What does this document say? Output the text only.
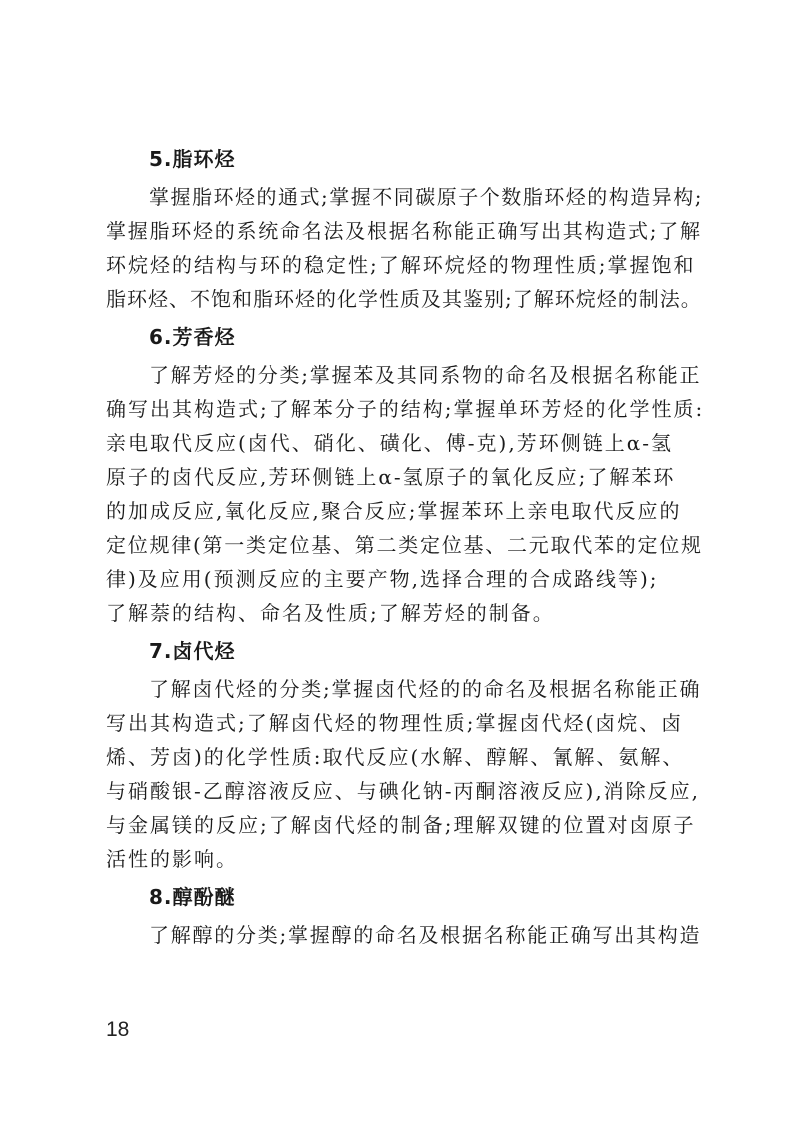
5.脂环烃

掌握脂环烃的通式;掌握不同碳原子个数脂环烃的构造异构;

掌握脂环烃的系统命名法及根据名称能正确写出其构造式;了解

环烷烃的结构与环的稳定性;了解环烷烃的物理性质;掌握饱和

脂环烃、不饱和脂环烃的化学性质及其鉴别;了解环烷烃的制法。

6.芳香烃

了解芳烃的分类;掌握苯及其同系物的命名及根据名称能正

确写出其构造式;了解苯分子的结构;掌握单环芳烃的化学性质:

亲电取代反应(卤代、硝化、磺化、傅-克),芳环侧链上α-氢

原子的卤代反应,芳环侧链上α-氢原子的氧化反应;了解苯环

的加成反应,氧化反应,聚合反应;掌握苯环上亲电取代反应的

定位规律(第一类定位基、第二类定位基、二元取代苯的定位规

律)及应用(预测反应的主要产物,选择合理的合成路线等);

了解萘的结构、命名及性质;了解芳烃的制备。

7.卤代烃

了解卤代烃的分类;掌握卤代烃的的命名及根据名称能正确

写出其构造式;了解卤代烃的物理性质;掌握卤代烃(卤烷、卤

烯、芳卤)的化学性质:取代反应(水解、醇解、氰解、氨解、

与硝酸银-乙醇溶液反应、与碘化钠-丙酮溶液反应),消除反应,

与金属镁的反应;了解卤代烃的制备;理解双键的位置对卤原子

活性的影响。

8.醇酚醚

了解醇的分类;掌握醇的命名及根据名称能正确写出其构造

18
